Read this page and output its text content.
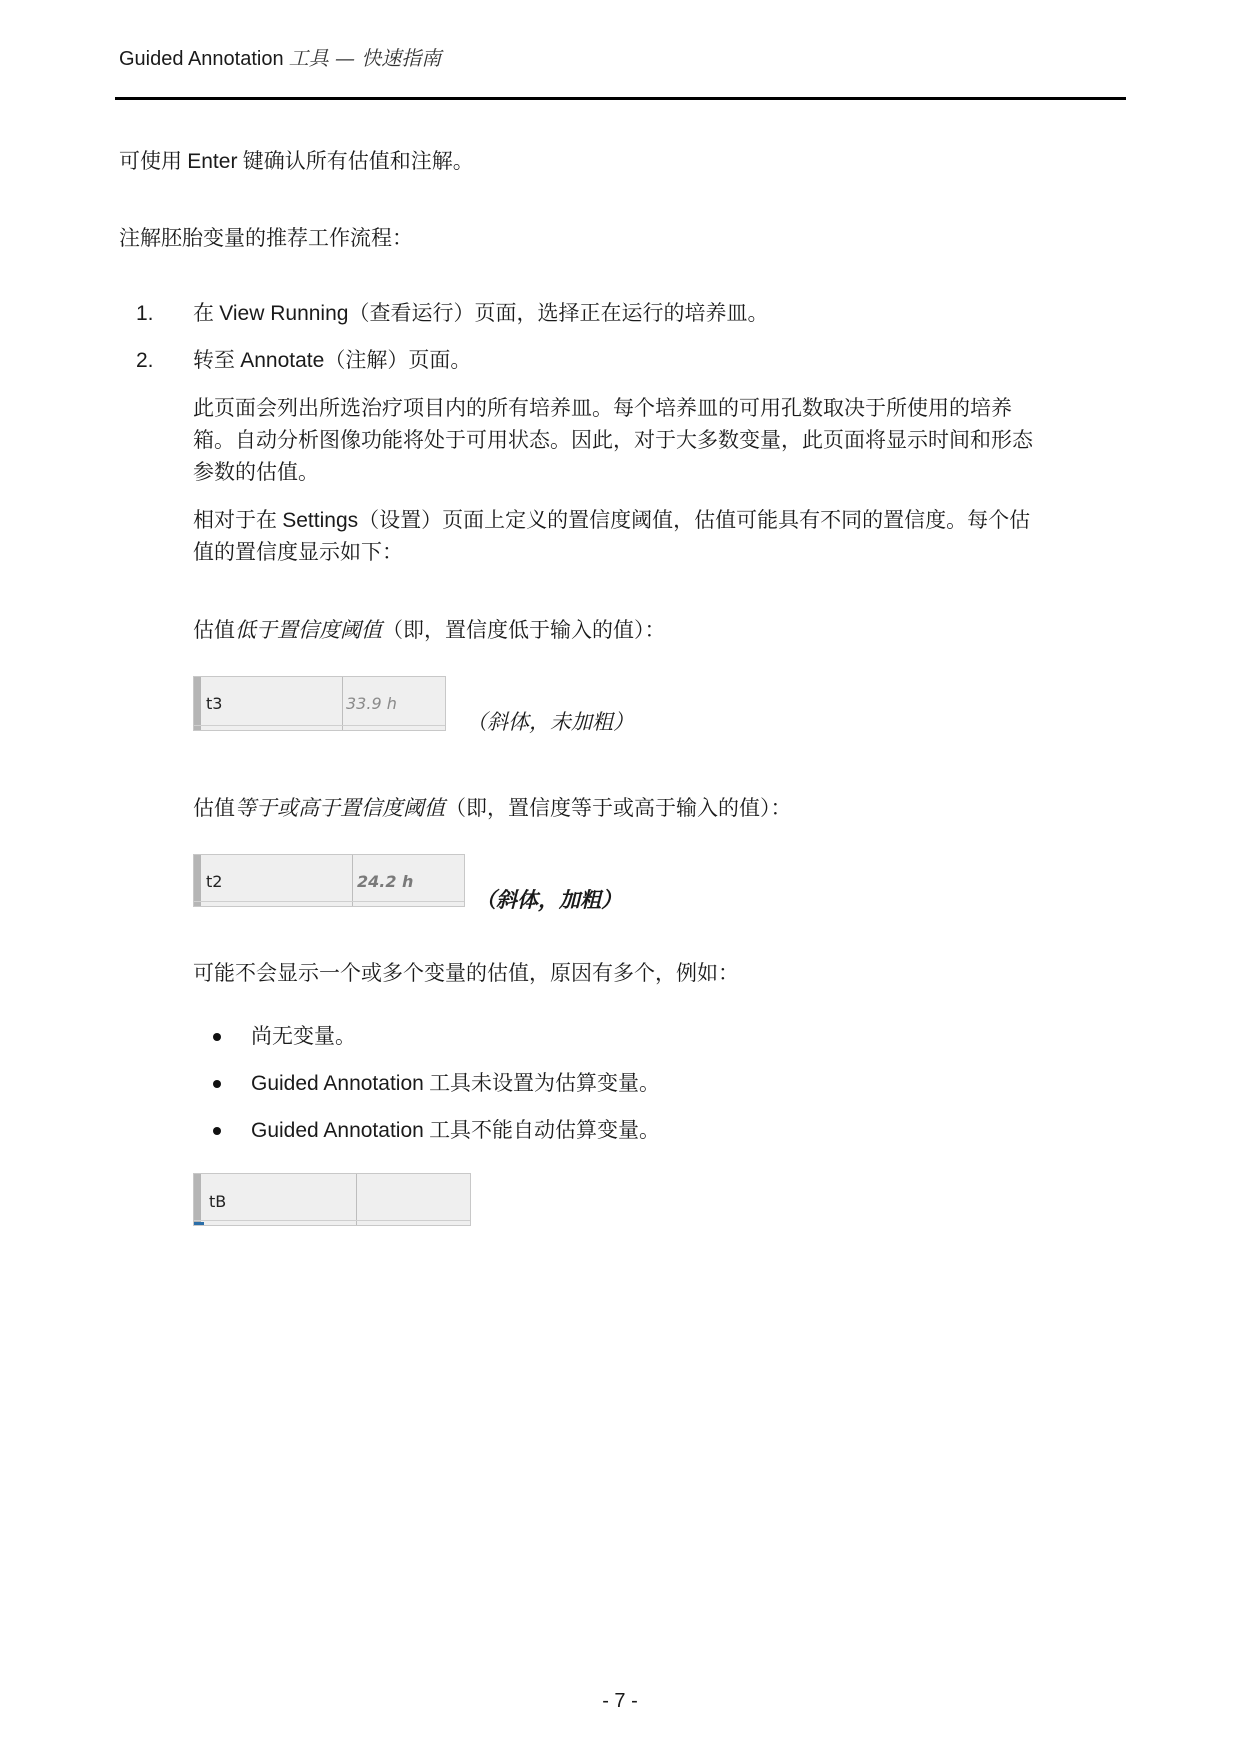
Guided Annotation 工具 — 快速指南
可使用 Enter 键确认所有估值和注解。
注解胚胎变量的推荐工作流程：
1. 在 View Running（查看运行）页面，选择正在运行的培养皿。
2. 转至 Annotate（注解）页面。
此页面会列出所选治疗项目内的所有培养皿。每个培养皿的可用孔数取决于所使用的培养
箱。自动分析图像功能将处于可用状态。因此，对于大多数变量，此页面将显示时间和形态
参数的估值。
相对于在 Settings（设置）页面上定义的置信度阈值，估值可能具有不同的置信度。每个估
值的置信度显示如下：
估值低于置信度阈值（即，置信度低于输入的值）：
t3	33.9 h
（斜体，未加粗）
估值等于或高于置信度阈值（即，置信度等于或高于输入的值）：
t2	24.2 h
（斜体，加粗）
可能不会显示一个或多个变量的估值，原因有多个，例如：
尚无变量。
Guided Annotation 工具未设置为估算变量。
Guided Annotation 工具不能自动估算变量。
tB
- 7 -
